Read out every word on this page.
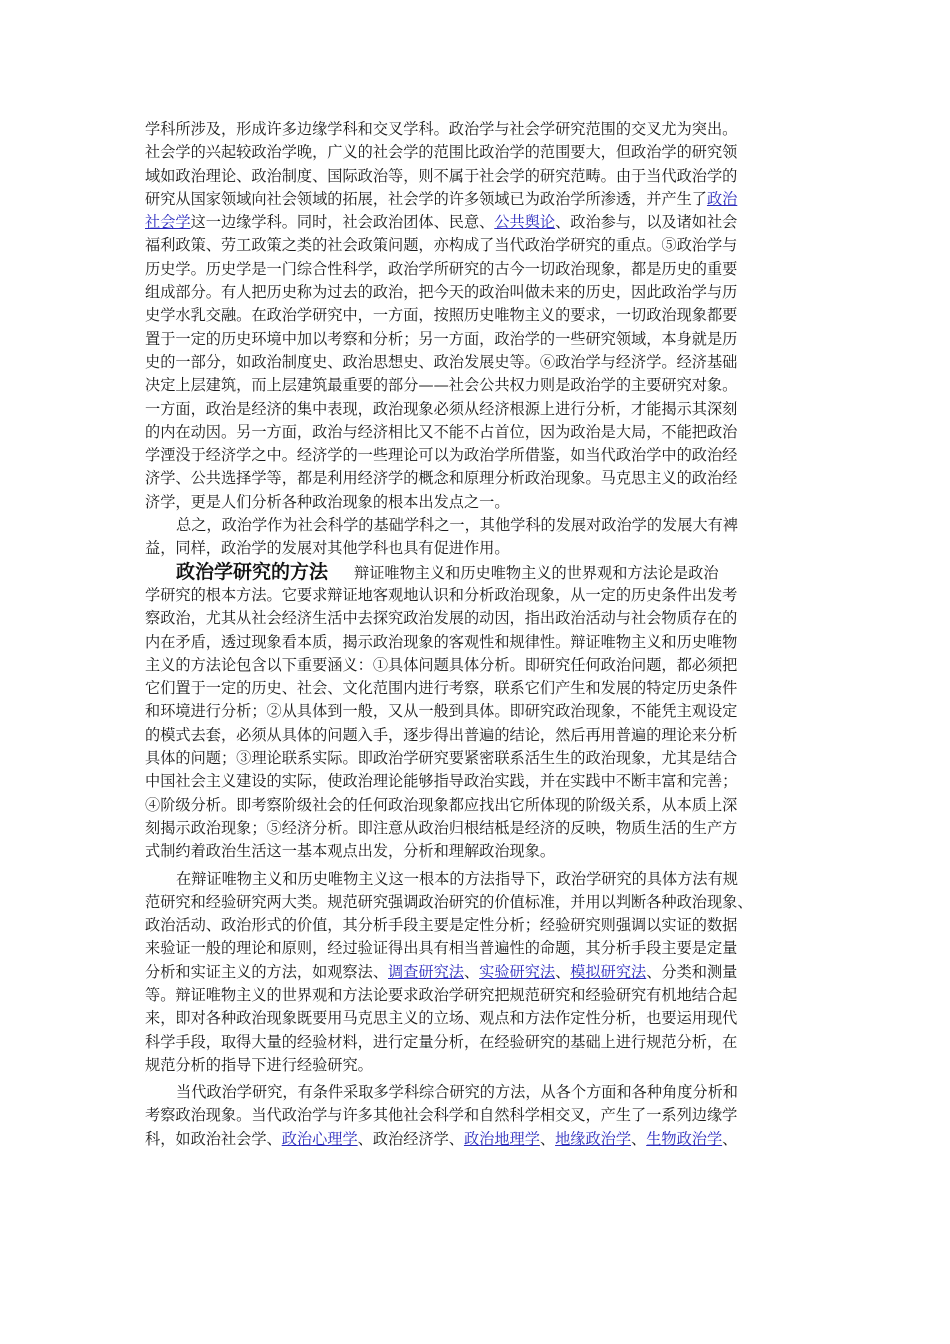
学科所涉及，形成许多边缘学科和交叉学科。政治学与社会学研究范围的交叉尤为突出。
社会学的兴起较政治学晚，广义的社会学的范围比政治学的范围要大，但政治学的研究领
域如政治理论、政治制度、国际政治等，则不属于社会学的研究范畴。由于当代政治学的
研究从国家领域向社会领域的拓展，社会学的许多领域已为政治学所渗透，并产生了政治
社会学这一边缘学科。同时，社会政治团体、民意、公共舆论、政治参与，以及诸如社会
福利政策、劳工政策之类的社会政策问题，亦构成了当代政治学研究的重点。⑤政治学与
历史学。历史学是一门综合性科学，政治学所研究的古今一切政治现象，都是历史的重要
组成部分。有人把历史称为过去的政治，把今天的政治叫做未来的历史，因此政治学与历
史学水乳交融。在政治学研究中，一方面，按照历史唯物主义的要求，一切政治现象都要
置于一定的历史环境中加以考察和分析；另一方面，政治学的一些研究领域，本身就是历
史的一部分，如政治制度史、政治思想史、政治发展史等。⑥政治学与经济学。经济基础
决定上层建筑，而上层建筑最重要的部分——社会公共权力则是政治学的主要研究对象。
一方面，政治是经济的集中表现，政治现象必须从经济根源上进行分析，才能揭示其深刻
的内在动因。另一方面，政治与经济相比又不能不占首位，因为政治是大局，不能把政治
学湮没于经济学之中。经济学的一些理论可以为政治学所借鉴，如当代政治学中的政治经
济学、公共选择学等，都是利用经济学的概念和原理分析政治现象。马克思主义的政治经
济学，更是人们分析各种政治现象的根本出发点之一。
总之，政治学作为社会科学的基础学科之一，其他学科的发展对政治学的发展大有裨
益，同样，政治学的发展对其他学科也具有促进作用。
政治学研究的方法 辩证唯物主义和历史唯物主义的世界观和方法论是政治
学研究的根本方法。它要求辩证地客观地认识和分析政治现象，从一定的历史条件出发考
察政治，尤其从社会经济生活中去探究政治发展的动因，指出政治活动与社会物质存在的
内在矛盾，透过现象看本质，揭示政治现象的客观性和规律性。辩证唯物主义和历史唯物
主义的方法论包含以下重要涵义：①具体问题具体分析。即研究任何政治问题，都必须把
它们置于一定的历史、社会、文化范围内进行考察，联系它们产生和发展的特定历史条件
和环境进行分析；②从具体到一般，又从一般到具体。即研究政治现象，不能凭主观设定
的模式去套，必须从具体的问题入手，逐步得出普遍的结论，然后再用普遍的理论来分析
具体的问题；③理论联系实际。即政治学研究要紧密联系活生生的政治现象，尤其是结合
中国社会主义建设的实际，使政治理论能够指导政治实践，并在实践中不断丰富和完善；
④阶级分析。即考察阶级社会的任何政治现象都应找出它所体现的阶级关系，从本质上深
刻揭示政治现象；⑤经济分析。即注意从政治归根结柢是经济的反映，物质生活的生产方
式制约着政治生活这一基本观点出发，分析和理解政治现象。
在辩证唯物主义和历史唯物主义这一根本的方法指导下，政治学研究的具体方法有规
范研究和经验研究两大类。规范研究强调政治研究的价值标准，并用以判断各种政治现象、
政治活动、政治形式的价值，其分析手段主要是定性分析；经验研究则强调以实证的数据
来验证一般的理论和原则，经过验证得出具有相当普遍性的命题，其分析手段主要是定量
分析和实证主义的方法，如观察法、调查研究法、实验研究法、模拟研究法、分类和测量
等。辩证唯物主义的世界观和方法论要求政治学研究把规范研究和经验研究有机地结合起
来，即对各种政治现象既要用马克思主义的立场、观点和方法作定性分析，也要运用现代
科学手段，取得大量的经验材料，进行定量分析，在经验研究的基础上进行规范分析，在
规范分析的指导下进行经验研究。
当代政治学研究，有条件采取多学科综合研究的方法，从各个方面和各种角度分析和
考察政治现象。当代政治学与许多其他社会科学和自然科学相交叉，产生了一系列边缘学
科，如政治社会学、政治心理学、政治经济学、政治地理学、地缘政治学、生物政治学、
